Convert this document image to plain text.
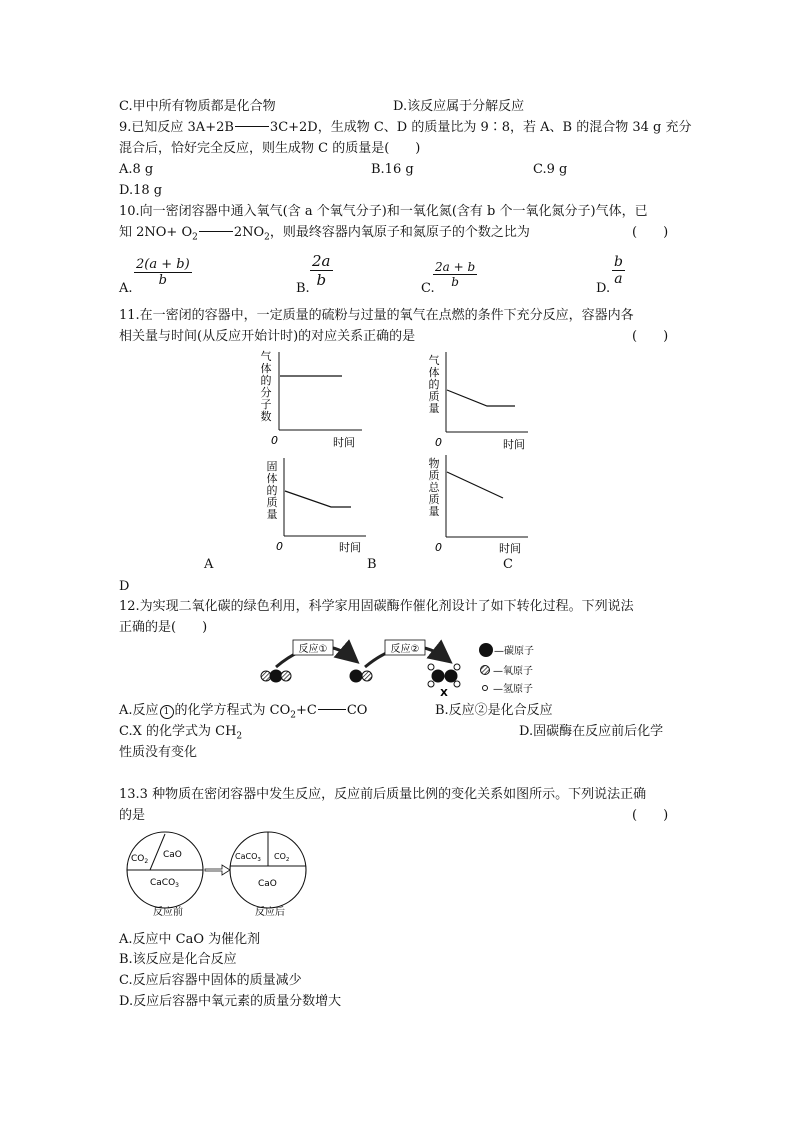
C.甲中所有物质都是化合物	D.该反应属于分解反应
9.已知反应 3A+2B	3C+2D，生成物 C、D 的质量比为 9∶8，若 A、B 的混合物 34 g 充分
混合后，恰好完全反应，则生成物 C 的质量是(　　)
A.8 g	B.16 g	C.9 g
D.18 g
10.向一密闭容器中通入氧气(含 a 个氧气分子)和一氧化氮(含有 b 个一氧化氮分子)气体，已
知 $2NO+ O_2$	$2NO_2$，则最终容器内氧原子和氮原子的个数之比为	(　　)
A.
$\frac{2(a + b)}{b}$
B. $\frac{2a}{b}$	C.
$\frac{2a + b}{b}$	D.
$\frac{b}{a}$
11.在一密闭的容器中，一定质量的硫粉与过量的氧气在点燃的条件下充分反应，容器内各
相关量与时间(从反应开始计时)的对应关系正确的是	(　　)
气体的分子数
0	时间
气体的质量
0	时间
固体的质量
0	时间
物质总质量
0	时间
A	B	C
D
12.为实现二氧化碳的绿色利用，科学家用固碳酶作催化剂设计了如下转化过程。下列说法
正确的是(　　)
反应①	反应②
X
—碳原子
—氧原子
—氢原子
A.反应 1 的化学方程式为 $CO_2+C$ CO	B.反应②是化合反应
C.X 的化学式为 $CH_2$	D.固碳酶在反应前后化学
性质没有变化
13.3 种物质在密闭容器中发生反应，反应前后质量比例的变化关系如图所示。下列说法正确
的是	(　　)
$CO_2$
CaO
CaCO$_3$
CaCO$_3$ $CO_2$
CaO
反应前	反应后
A.反应中 CaO 为催化剂
B.该反应是化合反应
C.反应后容器中固体的质量减少
D.反应后容器中氧元素的质量分数增大
